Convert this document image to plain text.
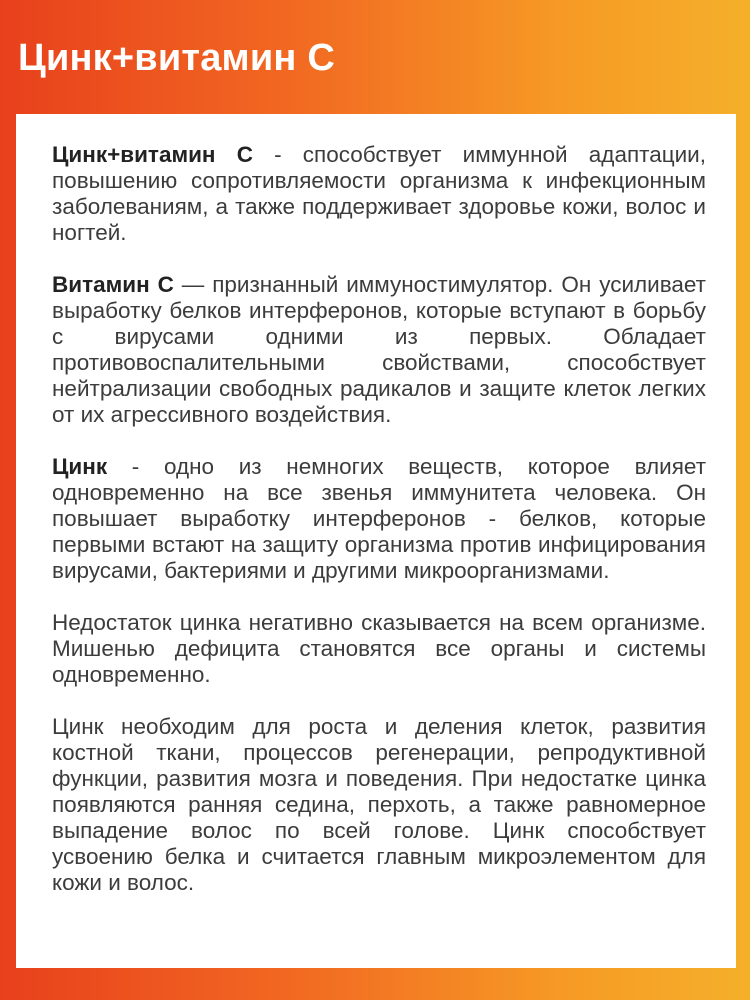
Цинк+витамин С

Цинк+витамин С - способствует иммунной адаптации, повышению сопротивляемости организма к инфекционным заболеваниям, а также поддерживает здоровье кожи, волос и ногтей.

Витамин С — признанный иммуностимулятор. Он усиливает выработку белков интерферонов, которые вступают в борьбу с вирусами одними из первых. Обладает противовоспалительными свойствами, способствует нейтрализации свободных радикалов и защите клеток легких от их агрессивного воздействия.

Цинк - одно из немногих веществ, которое влияет одновременно на все звенья иммунитета человека. Он повышает выработку интерферонов - белков, которые первыми встают на защиту организма против инфицирования вирусами, бактериями и другими микроорганизмами.

Недостаток цинка негативно сказывается на всем организме. Мишенью дефицита становятся все органы и системы одновременно.

Цинк необходим для роста и деления клеток, развития костной ткани, процессов регенерации, репродуктивной функции, развития мозга и поведения. При недостатке цинка появляются ранняя седина, перхоть, а также равномерное выпадение волос по всей голове. Цинк способствует усвоению белка и считается главным микроэлементом для кожи и волос.
